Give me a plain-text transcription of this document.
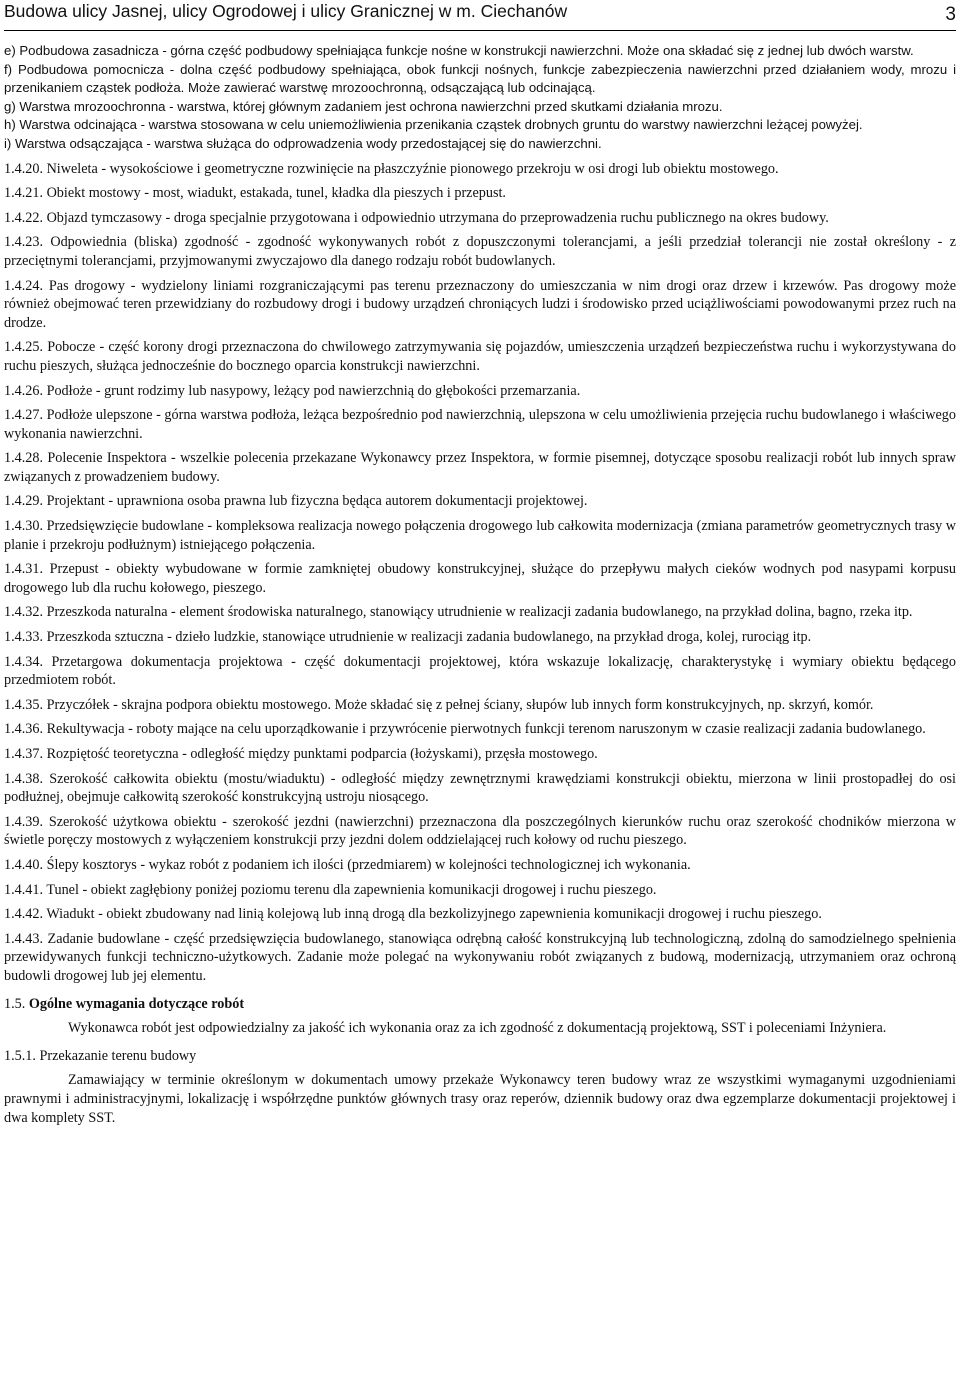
Budowa ulicy Jasnej, ulicy Ogrodowej i ulicy Granicznej w m. Ciechanów	3

e) Podbudowa zasadnicza - górna część podbudowy spełniająca funkcje nośne w konstrukcji nawierzchni. Może ona składać się z jednej lub dwóch warstw.

f) Podbudowa pomocnicza - dolna część podbudowy spełniająca, obok funkcji nośnych, funkcje zabezpieczenia nawierzchni przed działaniem wody, mrozu i przenikaniem cząstek podłoża. Może zawierać warstwę mrozoochronną, odsączającą lub odcinającą.

g) Warstwa mrozoochronna - warstwa, której głównym zadaniem jest ochrona nawierzchni przed skutkami działania mrozu.

h) Warstwa odcinająca - warstwa stosowana w celu uniemożliwienia przenikania cząstek drobnych gruntu do warstwy nawierzchni leżącej powyżej.

i) Warstwa odsączająca - warstwa służąca do odprowadzenia wody przedostającej się do nawierzchni.

1.4.20. Niweleta - wysokościowe i geometryczne rozwinięcie na płaszczyźnie pionowego przekroju w osi drogi lub obiektu mostowego.

1.4.21. Obiekt mostowy - most, wiadukt, estakada, tunel, kładka dla pieszych i przepust.

1.4.22. Objazd tymczasowy - droga specjalnie przygotowana i odpowiednio utrzymana do przeprowadzenia ruchu publicznego na okres budowy.

1.4.23. Odpowiednia (bliska) zgodność - zgodność wykonywanych robót z dopuszczonymi tolerancjami, a jeśli przedział tolerancji nie został określony - z przeciętnymi tolerancjami, przyjmowanymi zwyczajowo dla danego rodzaju robót budowlanych.

1.4.24. Pas drogowy - wydzielony liniami rozgraniczającymi pas terenu przeznaczony do umieszczania w nim drogi oraz drzew i krzewów. Pas drogowy może również obejmować teren przewidziany do rozbudowy drogi i budowy urządzeń chroniących ludzi i środowisko przed uciążliwościami powodowanymi przez ruch na drodze.

1.4.25. Pobocze - część korony drogi przeznaczona do chwilowego zatrzymywania się pojazdów, umieszczenia urządzeń bezpieczeństwa ruchu i wykorzystywana do ruchu pieszych, służąca jednocześnie do bocznego oparcia konstrukcji nawierzchni.

1.4.26. Podłoże - grunt rodzimy lub nasypowy, leżący pod nawierzchnią do głębokości przemarzania.

1.4.27. Podłoże ulepszone - górna warstwa podłoża, leżąca bezpośrednio pod nawierzchnią, ulepszona w celu umożliwienia przejęcia ruchu budowlanego i właściwego wykonania nawierzchni.

1.4.28. Polecenie Inspektora - wszelkie polecenia przekazane Wykonawcy przez Inspektora, w formie pisemnej, dotyczące sposobu realizacji robót lub innych spraw związanych z prowadzeniem budowy.

1.4.29. Projektant - uprawniona osoba prawna lub fizyczna będąca autorem dokumentacji projektowej.

1.4.30. Przedsięwzięcie budowlane - kompleksowa realizacja nowego połączenia drogowego lub całkowita modernizacja (zmiana parametrów geometrycznych trasy w planie i przekroju podłużnym) istniejącego połączenia.

1.4.31. Przepust - obiekty wybudowane w formie zamkniętej obudowy konstrukcyjnej, służące do przepływu małych cieków wodnych pod nasypami korpusu drogowego lub dla ruchu kołowego, pieszego.

1.4.32. Przeszkoda naturalna - element środowiska naturalnego, stanowiący utrudnienie w realizacji zadania budowlanego, na przykład dolina, bagno, rzeka itp.

1.4.33. Przeszkoda sztuczna - dzieło ludzkie, stanowiące utrudnienie w realizacji zadania budowlanego, na przykład droga, kolej, rurociąg itp.

1.4.34. Przetargowa dokumentacja projektowa - część dokumentacji projektowej, która wskazuje lokalizację, charakterystykę i wymiary obiektu będącego przedmiotem robót.

1.4.35. Przyczółek - skrajna podpora obiektu mostowego. Może składać się z pełnej ściany, słupów lub innych form konstrukcyjnych, np. skrzyń, komór.

1.4.36. Rekultywacja - roboty mające na celu uporządkowanie i przywrócenie pierwotnych funkcji terenom naruszonym w czasie realizacji zadania budowlanego.

1.4.37. Rozpiętość teoretyczna - odległość między punktami podparcia (łożyskami), przęsła mostowego.

1.4.38. Szerokość całkowita obiektu (mostu/wiaduktu) - odległość między zewnętrznymi krawędziami konstrukcji obiektu, mierzona w linii prostopadłej do osi podłużnej, obejmuje całkowitą szerokość konstrukcyjną ustroju niosącego.

1.4.39. Szerokość użytkowa obiektu - szerokość jezdni (nawierzchni) przeznaczona dla poszczególnych kierunków ruchu oraz szerokość chodników mierzona w świetle poręczy mostowych z wyłączeniem konstrukcji przy jezdni dolem oddzielającej ruch kołowy od ruchu pieszego.

1.4.40. Ślepy kosztorys - wykaz robót z podaniem ich ilości (przedmiarem) w kolejności technologicznej ich wykonania.

1.4.41. Tunel - obiekt zagłębiony poniżej poziomu terenu dla zapewnienia komunikacji drogowej i ruchu pieszego.

1.4.42. Wiadukt - obiekt zbudowany nad linią kolejową lub inną drogą dla bezkolizyjnego zapewnienia komunikacji drogowej i ruchu pieszego.

1.4.43. Zadanie budowlane - część przedsięwzięcia budowlanego, stanowiąca odrębną całość konstrukcyjną lub technologiczną, zdolną do samodzielnego spełnienia przewidywanych funkcji techniczno-użytkowych. Zadanie może polegać na wykonywaniu robót związanych z budową, modernizacją, utrzymaniem oraz ochroną budowli drogowej lub jej elementu.

1.5. Ogólne wymagania dotyczące robót

Wykonawca robót jest odpowiedzialny za jakość ich wykonania oraz za ich zgodność z dokumentacją projektową, SST i poleceniami Inżyniera.

1.5.1. Przekazanie terenu budowy

Zamawiający w terminie określonym w dokumentach umowy przekaże Wykonawcy teren budowy wraz ze wszystkimi wymaganymi uzgodnieniami prawnymi i administracyjnymi, lokalizację i współrzędne punktów głównych trasy oraz reperów, dziennik budowy oraz dwa egzemplarze dokumentacji projektowej i dwa komplety SST.
